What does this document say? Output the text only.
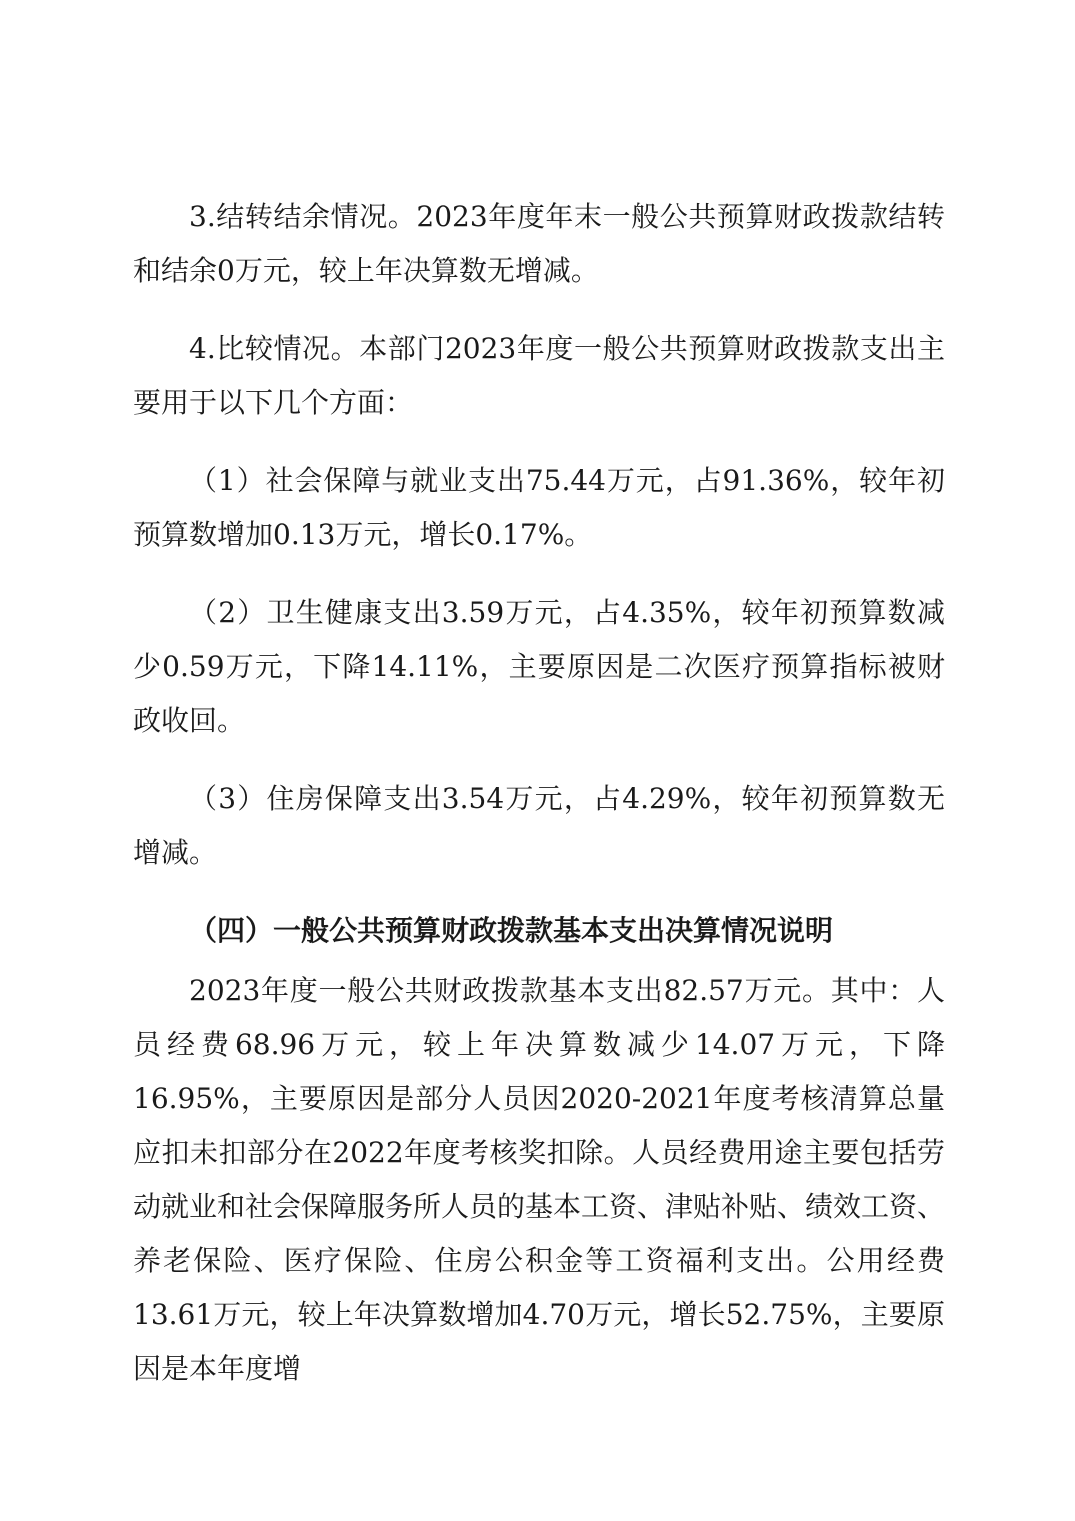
3.结转结余情况。2023年度年末一般公共预算财政拨款结转和结余0万元，较上年决算数无增减。

4.比较情况。本部门2023年度一般公共预算财政拨款支出主要用于以下几个方面：

（1）社会保障与就业支出75.44万元，占91.36%，较年初预算数增加0.13万元，增长0.17%。

（2）卫生健康支出3.59万元，占4.35%，较年初预算数减少0.59万元，下降14.11%，主要原因是二次医疗预算指标被财政收回。

（3）住房保障支出3.54万元，占4.29%，较年初预算数无增减。

（四）一般公共预算财政拨款基本支出决算情况说明

2023年度一般公共财政拨款基本支出82.57万元。其中：人员经费68.96万元，较上年决算数减少14.07万元，下降16.95%，主要原因是部分人员因2020-2021年度考核清算总量应扣未扣部分在2022年度考核奖扣除。人员经费用途主要包括劳动就业和社会保障服务所人员的基本工资、津贴补贴、绩效工资、养老保险、医疗保险、住房公积金等工资福利支出。公用经费13.61万元，较上年决算数增加4.70万元，增长52.75%，主要原因是本年度增
